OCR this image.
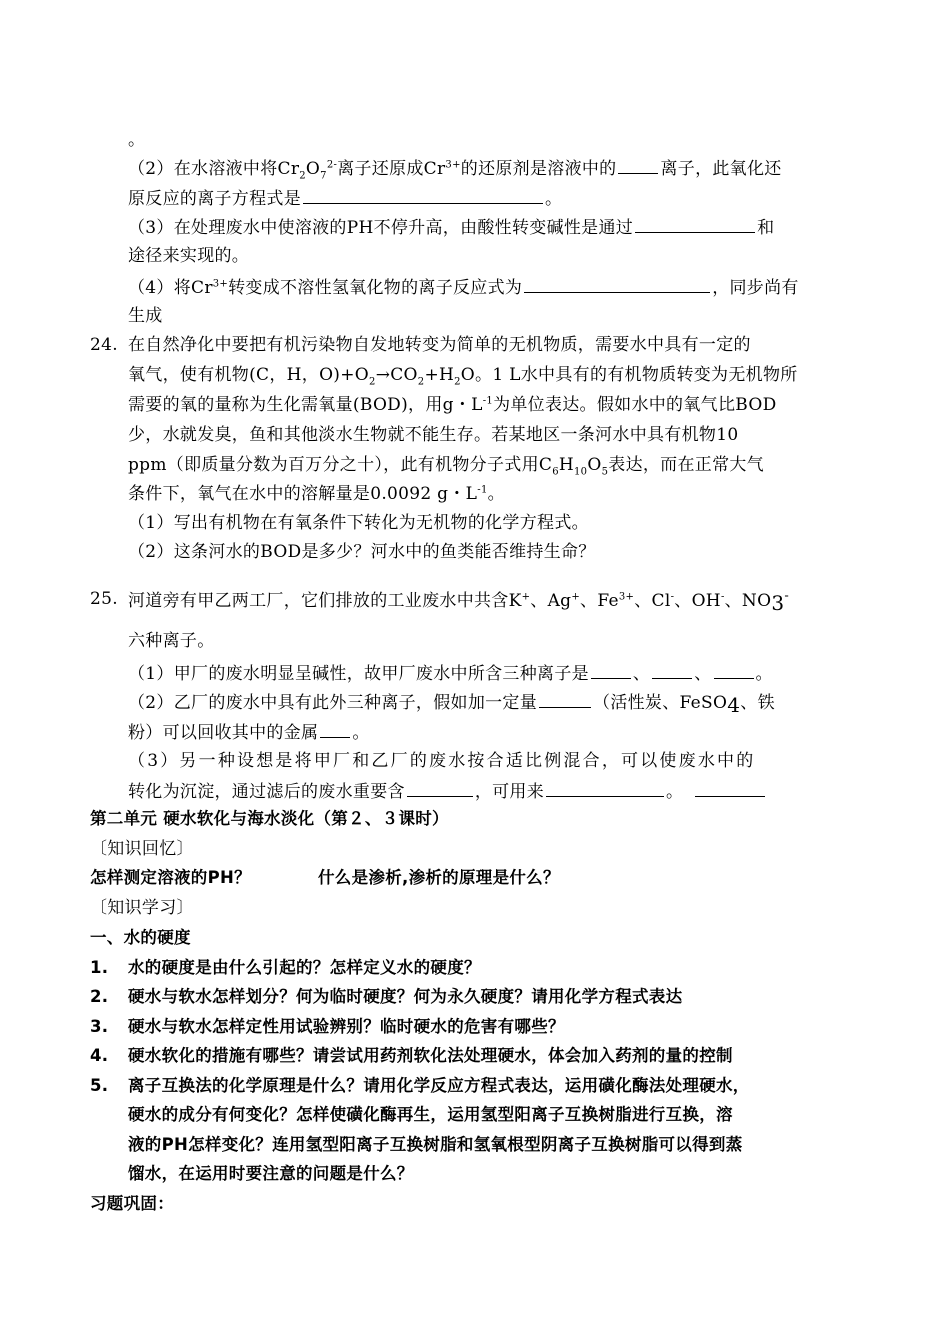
。
（2）在水溶液中将$Cr_2O_7^{2-}$离子还原成$Cr^{3+}$的还原剂是溶液中的	离子，此氧化还
原反应的离子方程式是	。
（3）在处理废水中使溶液的PH不停升高，由酸性转变碱性是通过	和
途径来实现的。
（4）将$Cr^{3+}$转变成不溶性氢氧化物的离子反应式为	，同步尚有
生成
24. 在自然净化中要把有机污染物自发地转变为简单的无机物质，需要水中具有一定的
氧气，使有机物(C，H，$O)+O_2\to CO_2+H_2O$。1 L水中具有的有机物质转变为无机物所
需要的氧的量称为生化需氧量(BOD)，用g・$L^{-1}$为单位表达。假如水中的氧气比BOD
少，水就发臭，鱼和其他淡水生物就不能生存。若某地区一条河水中具有机物10
ppm（即质量分数为百万分之十），此有机物分子式用$C_6H_{10}O_5$表达，而在正常大气
条件下，氧气在水中的溶解量是0.0092 g・$L^{-1}$。
（1）写出有机物在有氧条件下转化为无机物的化学方程式。
（2）这条河水的BOD是多少？河水中的鱼类能否维持生命？
25. 河道旁有甲乙两工厂，它们排放的工业废水中共含K+、Ag+、$Fe^{3+}$、Cl-、OH-、NO3-
六种离子。
（1）甲厂的废水明显呈碱性，故甲厂废水中所含三种离子是	、	、	。
（2）乙厂的废水中具有此外三种离子，假如加一定量	（活性炭、FeSO4、铁
粉）可以回收其中的金属 。
（3）另一种设想是将甲厂和乙厂的废水按合适比例混合，可以使废水中的
转化为沉淀，通过滤后的废水重要含	，可用来	。
第二单元 硬水软化与海水淡化（第２、３课时）
〔知识回忆〕
怎样测定溶液的PH？	什么是渗析,渗析的原理是什么？
〔知识学习〕
一、水的硬度
1. 水的硬度是由什么引起的？怎样定义水的硬度？
2. 硬水与软水怎样划分？何为临时硬度？何为永久硬度？请用化学方程式表达
3. 硬水与软水怎样定性用试验辨别？临时硬水的危害有哪些？
4. 硬水软化的措施有哪些？请尝试用药剂软化法处理硬水，体会加入药剂的量的控制
5. 离子互换法的化学原理是什么？请用化学反应方程式表达，运用磺化酶法处理硬水，
硬水的成分有何变化？怎样使磺化酶再生，运用氢型阳离子互换树脂进行互换，溶
液的PH怎样变化？连用氢型阳离子互换树脂和氢氧根型阴离子互换树脂可以得到蒸
馏水，在运用时要注意的问题是什么？
习题巩固：
